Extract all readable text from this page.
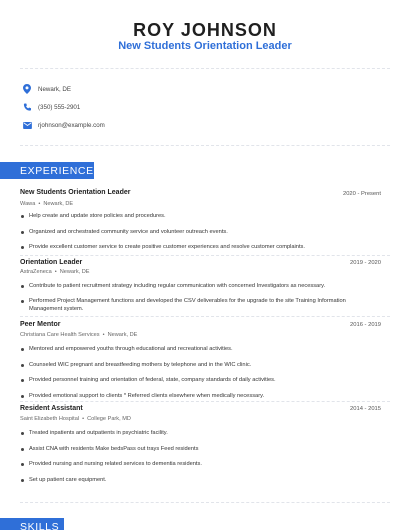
ROY JOHNSON
New Students Orientation Leader
Newark, DE
(350) 555-2901
rjohnson@example.com
EXPERIENCE
New Students Orientation Leader	2020 - Present
Wawa • Newark, DE
Help create and update store policies and procedures.
Organized and orchestrated community service and volunteer outreach events.
Provide excellent customer service to create positive customer experiences and resolve customer complaints.
Orientation Leader	2019 - 2020
AstraZeneca • Newark, DE
Contribute to patient recruitment strategy including regular communication with concerned Investigators as necessary.
Performed Project Management functions and developed the CSV deliverables for the upgrade to the site Training Information Management system.
Peer Mentor	2016 - 2019
Christiana Care Health Services • Newark, DE
Mentored and empowered youths through educational and recreational activities.
Counseled WIC pregnant and breastfeeding mothers by telephone and in the WIC clinic.
Provided personnel training and orientation of federal, state, company standards of daily activities.
Provided emotional support to clients * Referred clients elsewhere when medically necessary.
Resident Assistant	2014 - 2015
Saint Elizabeth Hospital • College Park, MD
Treated inpatients and outpatients in psychiatric facility.
Assist CNA with residents Make bedsPass out trays Feed residents
Provided nursing and nursing related services to dementia residents.
Set up patient care equipment.
SKILLS
